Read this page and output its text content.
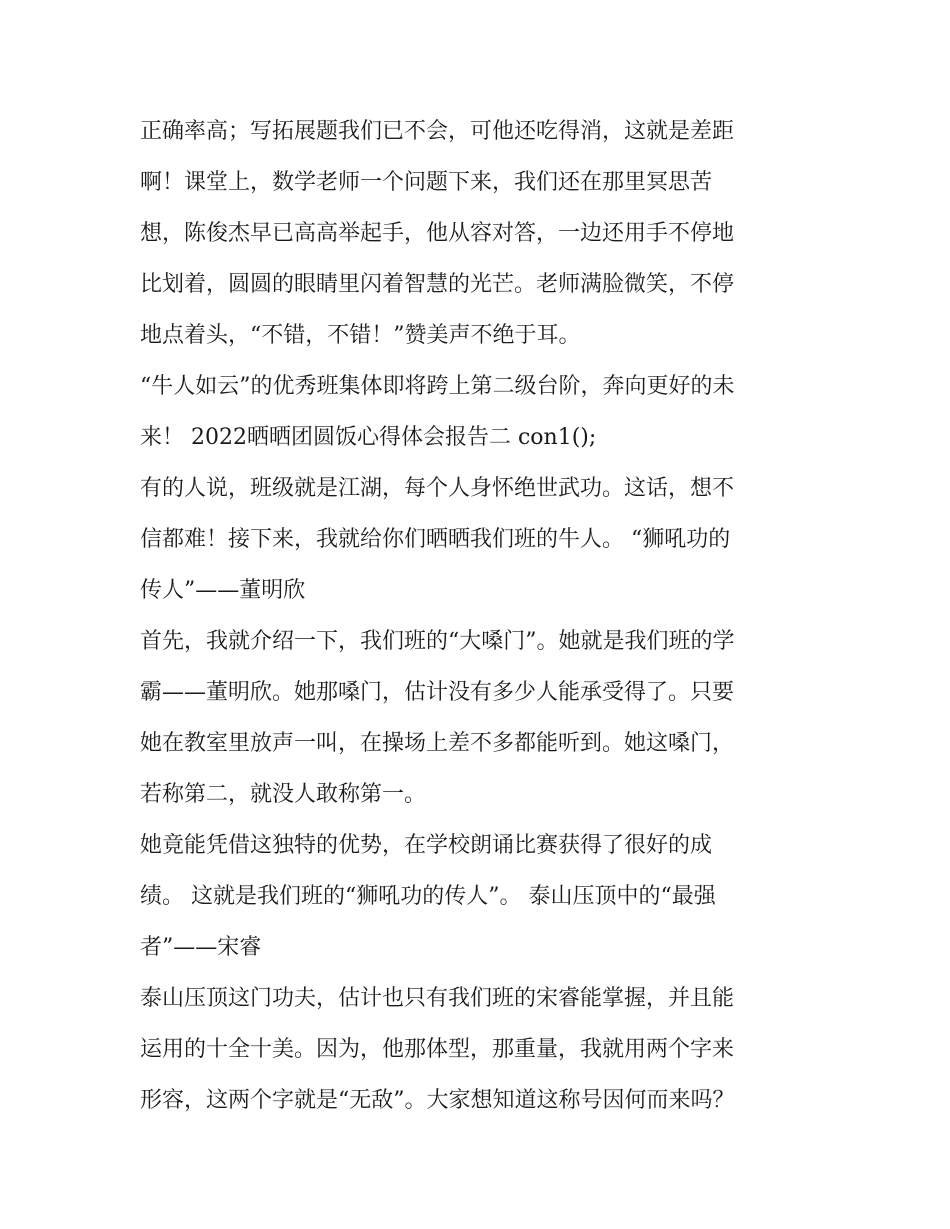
正确率高；写拓展题我们已不会，可他还吃得消，这就是差距

啊！课堂上，数学老师一个问题下来，我们还在那里冥思苦

想，陈俊杰早已高高举起手，他从容对答，一边还用手不停地

比划着，圆圆的眼睛里闪着智慧的光芒。老师满脸微笑，不停

地点着头，“不错，不错！”赞美声不绝于耳。

“牛人如云”的优秀班集体即将跨上第二级台阶，奔向更好的未

来！ 2022晒晒团圆饭心得体会报告二 con1();

有的人说，班级就是江湖，每个人身怀绝世武功。这话，想不

信都难！接下来，我就给你们晒晒我们班的牛人。 “狮吼功的

传人”——董明欣

首先，我就介绍一下，我们班的“大嗓门”。她就是我们班的学

霸——董明欣。她那嗓门，估计没有多少人能承受得了。只要

她在教室里放声一叫，在操场上差不多都能听到。她这嗓门，

若称第二，就没人敢称第一。

她竟能凭借这独特的优势，在学校朗诵比赛获得了很好的成

绩。 这就是我们班的“狮吼功的传人”。 泰山压顶中的“最强

者”——宋睿

泰山压顶这门功夫，估计也只有我们班的宋睿能掌握，并且能

运用的十全十美。因为，他那体型，那重量，我就用两个字来

形容，这两个字就是“无敌”。大家想知道这称号因何而来吗？
